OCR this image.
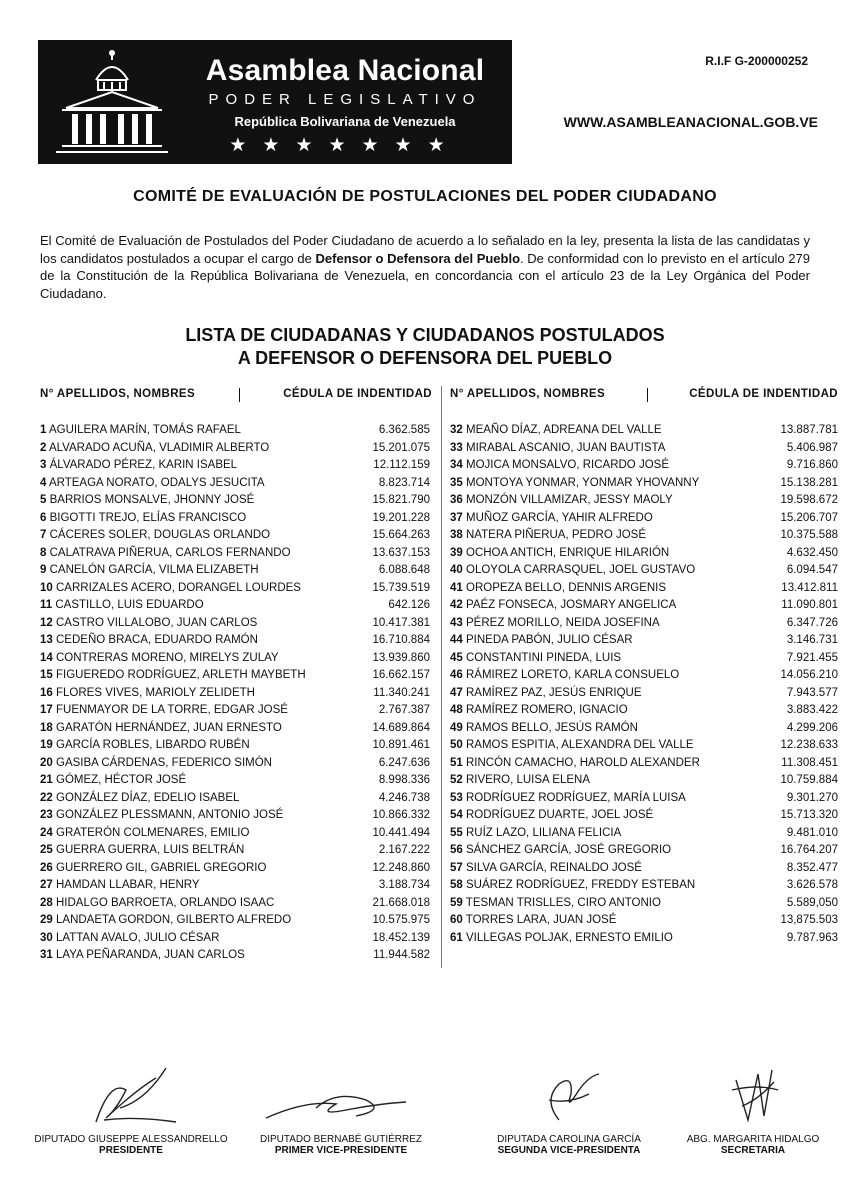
Asamblea Nacional
PODER LEGISLATIVO
República Bolivariana de Venezuela
★★★★★★★
R.I.F G-200000252
WWW.ASAMBLEANACIONAL.GOB.VE
COMITÉ DE EVALUACIÓN DE POSTULACIONES DEL PODER CIUDADANO
El Comité de Evaluación de Postulados del Poder Ciudadano de acuerdo a lo señalado en la ley, presenta la lista de las candidatas y los candidatos postulados a ocupar el cargo de Defensor o Defensora del Pueblo. De conformidad con lo previsto en el artículo 279 de la Constitución de la República Bolivariana de Venezuela, en concordancia con el artículo 23 de la Ley Orgánica del Poder Ciudadano.
LISTA DE CIUDADANAS Y CIUDADANOS POSTULADOS
A DEFENSOR O DEFENSORA DEL PUEBLO
N° APELLIDOS, NOMBRES	CÉDULA DE INDENTIDAD N° APELLIDOS, NOMBRES	CÉDULA DE INDENTIDAD
1 AGUILERA MARÍN, TOMÁS RAFAEL	6.362.585
2 ALVARADO ACUÑA, VLADIMIR ALBERTO	15.201.075
3 ÁLVARADO PÉREZ, KARIN ISABEL	12.112.159
4 ARTEAGA NORATO, ODALYS JESUCITA	8.823.714
5 BARRIOS MONSALVE, JHONNY JOSÉ	15.821.790
6 BIGOTTI TREJO, ELÍAS FRANCISCO	19.201.228
7 CÁCERES SOLER, DOUGLAS ORLANDO	15.664.263
8 CALATRAVA PIÑERUA, CARLOS FERNANDO	13.637.153
9 CANELÓN GARCÍA, VILMA ELIZABETH	6.088.648
10 CARRIZALES ACERO, DORANGEL LOURDES	15.739.519
11 CASTILLO, LUIS EDUARDO	642.126
12 CASTRO VILLALOBO, JUAN CARLOS	10.417.381
13 CEDEÑO BRACA, EDUARDO RAMÓN	16.710.884
14 CONTRERAS MORENO, MIRELYS ZULAY	13.939.860
15 FIGUEREDO RODRÍGUEZ, ARLETH MAYBETH	16.662.157
16 FLORES VIVES, MARIOLY ZELIDETH	11.340.241
17 FUENMAYOR DE LA TORRE, EDGAR JOSÉ	2.767.387
18 GARATÓN HERNÁNDEZ, JUAN ERNESTO	14.689.864
19 GARCÍA ROBLES, LIBARDO RUBÉN	10.891.461
20 GASIBA CÁRDENAS, FEDERICO SIMÓN	6.247.636
21 GÓMEZ, HÉCTOR JOSÉ	8.998.336
22 GONZÁLEZ DÍAZ, EDELIO ISABEL	4.246.738
23 GONZÁLEZ PLESSMANN, ANTONIO JOSÉ	10.866.332
24 GRATERÓN COLMENARES, EMILIO	10.441.494
25 GUERRA GUERRA, LUIS BELTRÁN	2.167.222
26 GUERRERO GIL, GABRIEL GREGORIO	12.248.860
27 HAMDAN LLABAR, HENRY	3.188.734
28 HIDALGO BARROETA, ORLANDO ISAAC	21.668.018
29 LANDAETA GORDON, GILBERTO ALFREDO	10.575.975
30 LATTAN AVALO, JULIO CÉSAR	18.452.139
31 LAYA PEÑARANDA, JUAN CARLOS	11.944.582
32 MEAÑO DÍAZ, ADREANA DEL VALLE	13.887.781
33 MIRABAL ASCANIO, JUAN BAUTISTA	5.406.987
34 MOJICA MONSALVO, RICARDO JOSÉ	9.716.860
35 MONTOYA YONMAR, YONMAR YHOVANNY	15.138.281
36 MONZÓN VILLAMIZAR, JESSY MAOLY	19.598.672
37 MUÑOZ GARCÍA, YAHIR ALFREDO	15.206.707
38 NATERA PIÑERUA, PEDRO JOSÉ	10.375.588
39 OCHOA ANTICH, ENRIQUE HILARIÓN	4.632.450
40 OLOYOLA CARRASQUEL, JOEL GUSTAVO	6.094.547
41 OROPEZA BELLO, DENNIS ARGENIS	13.412.811
42 PAÉZ FONSECA, JOSMARY ANGELICA	11.090.801
43 PÉREZ MORILLO, NEIDA JOSEFINA	6.347.726
44 PINEDA PABÓN, JULIO CÉSAR	3.146.731
45 CONSTANTINI PINEDA, LUIS	7.921.455
46 RÁMIREZ LORETO, KARLA CONSUELO	14.056.210
47 RAMÍREZ PAZ, JESÚS ENRIQUE	7.943.577
48 RAMÍREZ ROMERO, IGNACIO	3.883.422
49 RAMOS BELLO, JESÚS RAMÓN	4.299.206
50 RAMOS ESPITIA, ALEXANDRA DEL VALLE	12.238.633
51 RINCÓN CAMACHO, HAROLD ALEXANDER	11.308.451
52 RIVERO, LUISA ELENA	10.759.884
53 RODRÍGUEZ RODRÍGUEZ, MARÍA LUISA	9.301.270
54 RODRÍGUEZ DUARTE, JOEL JOSÉ	15.713.320
55 RUÍZ LAZO, LILIANA FELICIA	9.481.010
56 SÁNCHEZ GARCÍA, JOSÉ GREGORIO	16.764.207
57 SILVA GARCÍA, REINALDO JOSÉ	8.352.477
58 SUÁREZ RODRÍGUEZ, FREDDY ESTEBAN	3.626.578
59 TESMAN TRISLLES, CIRO ANTONIO	5.589,050
60 TORRES LARA, JUAN JOSÉ	13,875.503
61 VILLEGAS POLJAK, ERNESTO EMILIO	9.787.963
DIPUTADO GIUSEPPE ALESSANDRELLO
PRESIDENTE
DIPUTADO BERNABÉ GUTIÉRREZ
PRIMER VICE-PRESIDENTE
DIPUTADA CAROLINA GARCÍA
SEGUNDA VICE-PRESIDENTA
ABG. MARGARITA HIDALGO
SECRETARIA
